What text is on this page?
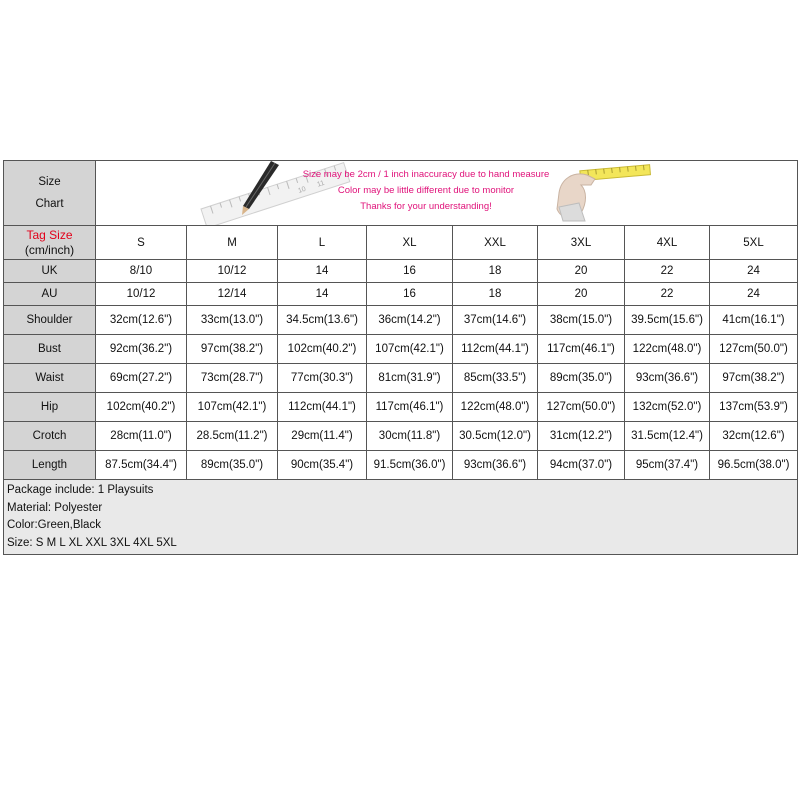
Size Chart	10
11
Size may be 2cm / 1 inch inaccuracy due to hand measure
Color may be little different due to monitor
Thanks for your understanding!							

Tag Size
(cm/inch)	S	M	L	XL	XXL	3XL	4XL	5XL
UK	8/10	10/12	14	16	18	20	22	24
AU	10/12	12/14	14	16	18	20	22	24
Shoulder	32cm(12.6")	33cm(13.0")	34.5cm(13.6")	36cm(14.2")	37cm(14.6")	38cm(15.0")	39.5cm(15.6")	41cm(16.1")
Bust	92cm(36.2")	97cm(38.2")	102cm(40.2")	107cm(42.1")	112cm(44.1")	117cm(46.1")	122cm(48.0")	127cm(50.0")
Waist	69cm(27.2")	73cm(28.7")	77cm(30.3")	81cm(31.9")	85cm(33.5")	89cm(35.0")	93cm(36.6")	97cm(38.2")
Hip	102cm(40.2")	107cm(42.1")	112cm(44.1")	117cm(46.1")	122cm(48.0")	127cm(50.0")	132cm(52.0")	137cm(53.9")
Crotch	28cm(11.0")	28.5cm(11.2")	29cm(11.4")	30cm(11.8")	30.5cm(12.0")	31cm(12.2")	31.5cm(12.4")	32cm(12.6")
Length	87.5cm(34.4")	89cm(35.0")	90cm(35.4")	91.5cm(36.0")	93cm(36.6")	94cm(37.0")	95cm(37.4")	96.5cm(38.0")

Package include: 1 Playsuits
Material: Polyester
Color:Green,Black
Size: S M L XL XXL 3XL 4XL 5XL								
